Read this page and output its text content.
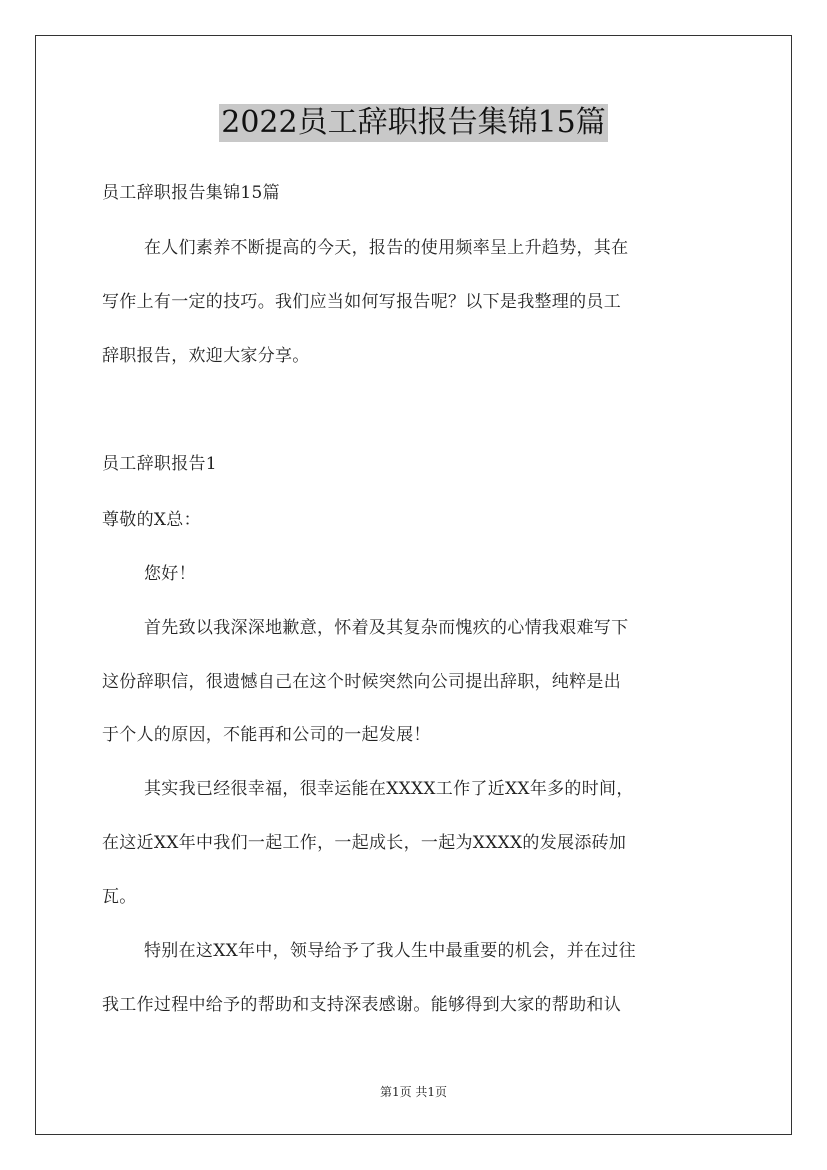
2022员工辞职报告集锦15篇
员工辞职报告集锦15篇
在人们素养不断提高的今天，报告的使用频率呈上升趋势，其在
写作上有一定的技巧。我们应当如何写报告呢？以下是我整理的员工
辞职报告，欢迎大家分享。
员工辞职报告1
尊敬的X总：
您好！
首先致以我深深地歉意，怀着及其复杂而愧疚的心情我艰难写下
这份辞职信，很遗憾自己在这个时候突然向公司提出辞职，纯粹是出
于个人的原因，不能再和公司的一起发展！
其实我已经很幸福，很幸运能在XXXX工作了近XX年多的时间，
在这近XX年中我们一起工作，一起成长，一起为XXXX的发展添砖加
瓦。
特别在这XX年中，领导给予了我人生中最重要的机会，并在过往
我工作过程中给予的帮助和支持深表感谢。能够得到大家的帮助和认
第1页 共1页
